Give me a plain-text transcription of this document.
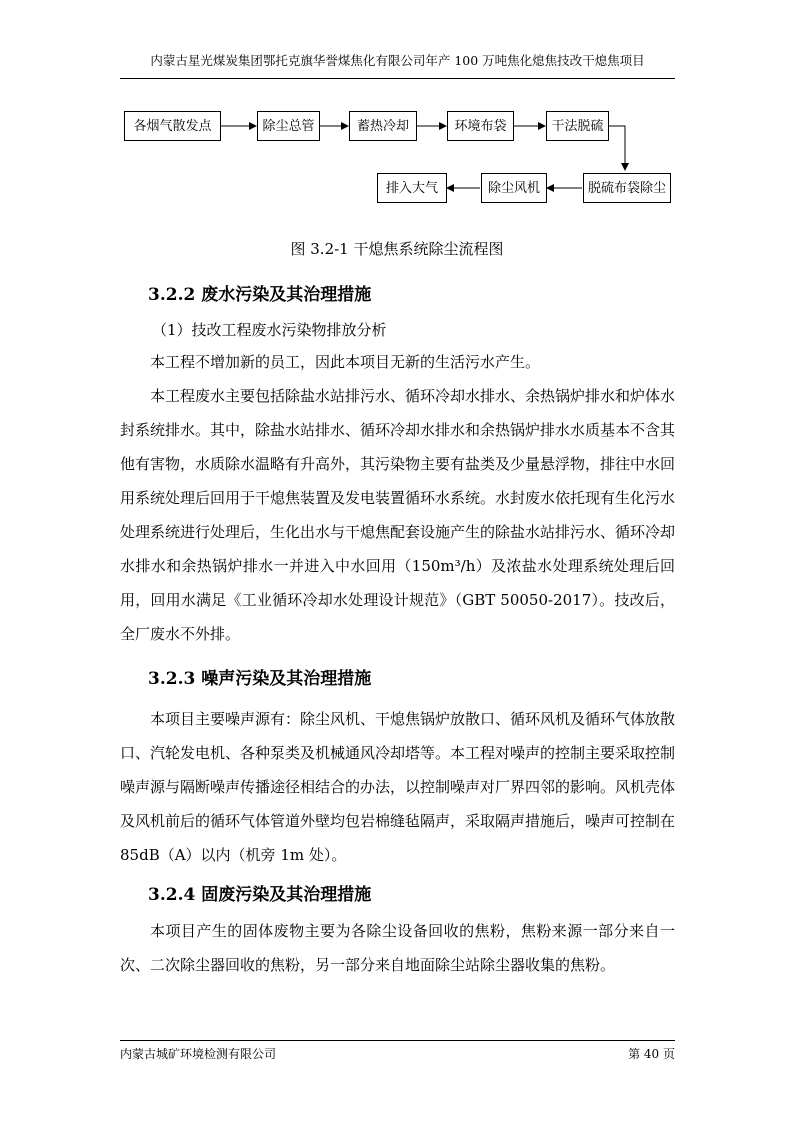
内蒙古星光煤炭集团鄂托克旗华誉煤焦化有限公司年产 100 万吨焦化熄焦技改干熄焦项目
各烟气散发点	除尘总管	蓄热冷却	环境布袋	干法脱硫
脱硫布袋除尘
除尘风机
排入大气
图 3.2-1 干熄焦系统除尘流程图
3.2.2 废水污染及其治理措施
（1）技改工程废水污染物排放分析
本工程不增加新的员工，因此本项目无新的生活污水产生。
本工程废水主要包括除盐水站排污水、循环冷却水排水、余热锅炉排水和炉体水封系统排水。其中，除盐水站排水、循环冷却水排水和余热锅炉排水水质基本不含其他有害物，水质除水温略有升高外，其污染物主要有盐类及少量悬浮物，排往中水回用系统处理后回用于干熄焦装置及发电装置循环水系统。水封废水依托现有生化污水处理系统进行处理后，生化出水与干熄焦配套设施产生的除盐水站排污水、循环冷却水排水和余热锅炉排水一并进入中水回用（150m³/h）及浓盐水处理系统处理后回用，回用水满足《工业循环冷却水处理设计规范》（GBT 50050-2017）。技改后，全厂废水不外排。
3.2.3 噪声污染及其治理措施
本项目主要噪声源有：除尘风机、干熄焦锅炉放散口、循环风机及循环气体放散口、汽轮发电机、各种泵类及机械通风冷却塔等。本工程对噪声的控制主要采取控制噪声源与隔断噪声传播途径相结合的办法，以控制噪声对厂界四邻的影响。风机壳体及风机前后的循环气体管道外壁均包岩棉缝毡隔声，采取隔声措施后，噪声可控制在 85dB（A）以内（机旁 1m 处）。
3.2.4 固废污染及其治理措施
本项目产生的固体废物主要为各除尘设备回收的焦粉，焦粉来源一部分来自一次、二次除尘器回收的焦粉，另一部分来自地面除尘站除尘器收集的焦粉。
内蒙古城矿环境检测有限公司	第 40 页
